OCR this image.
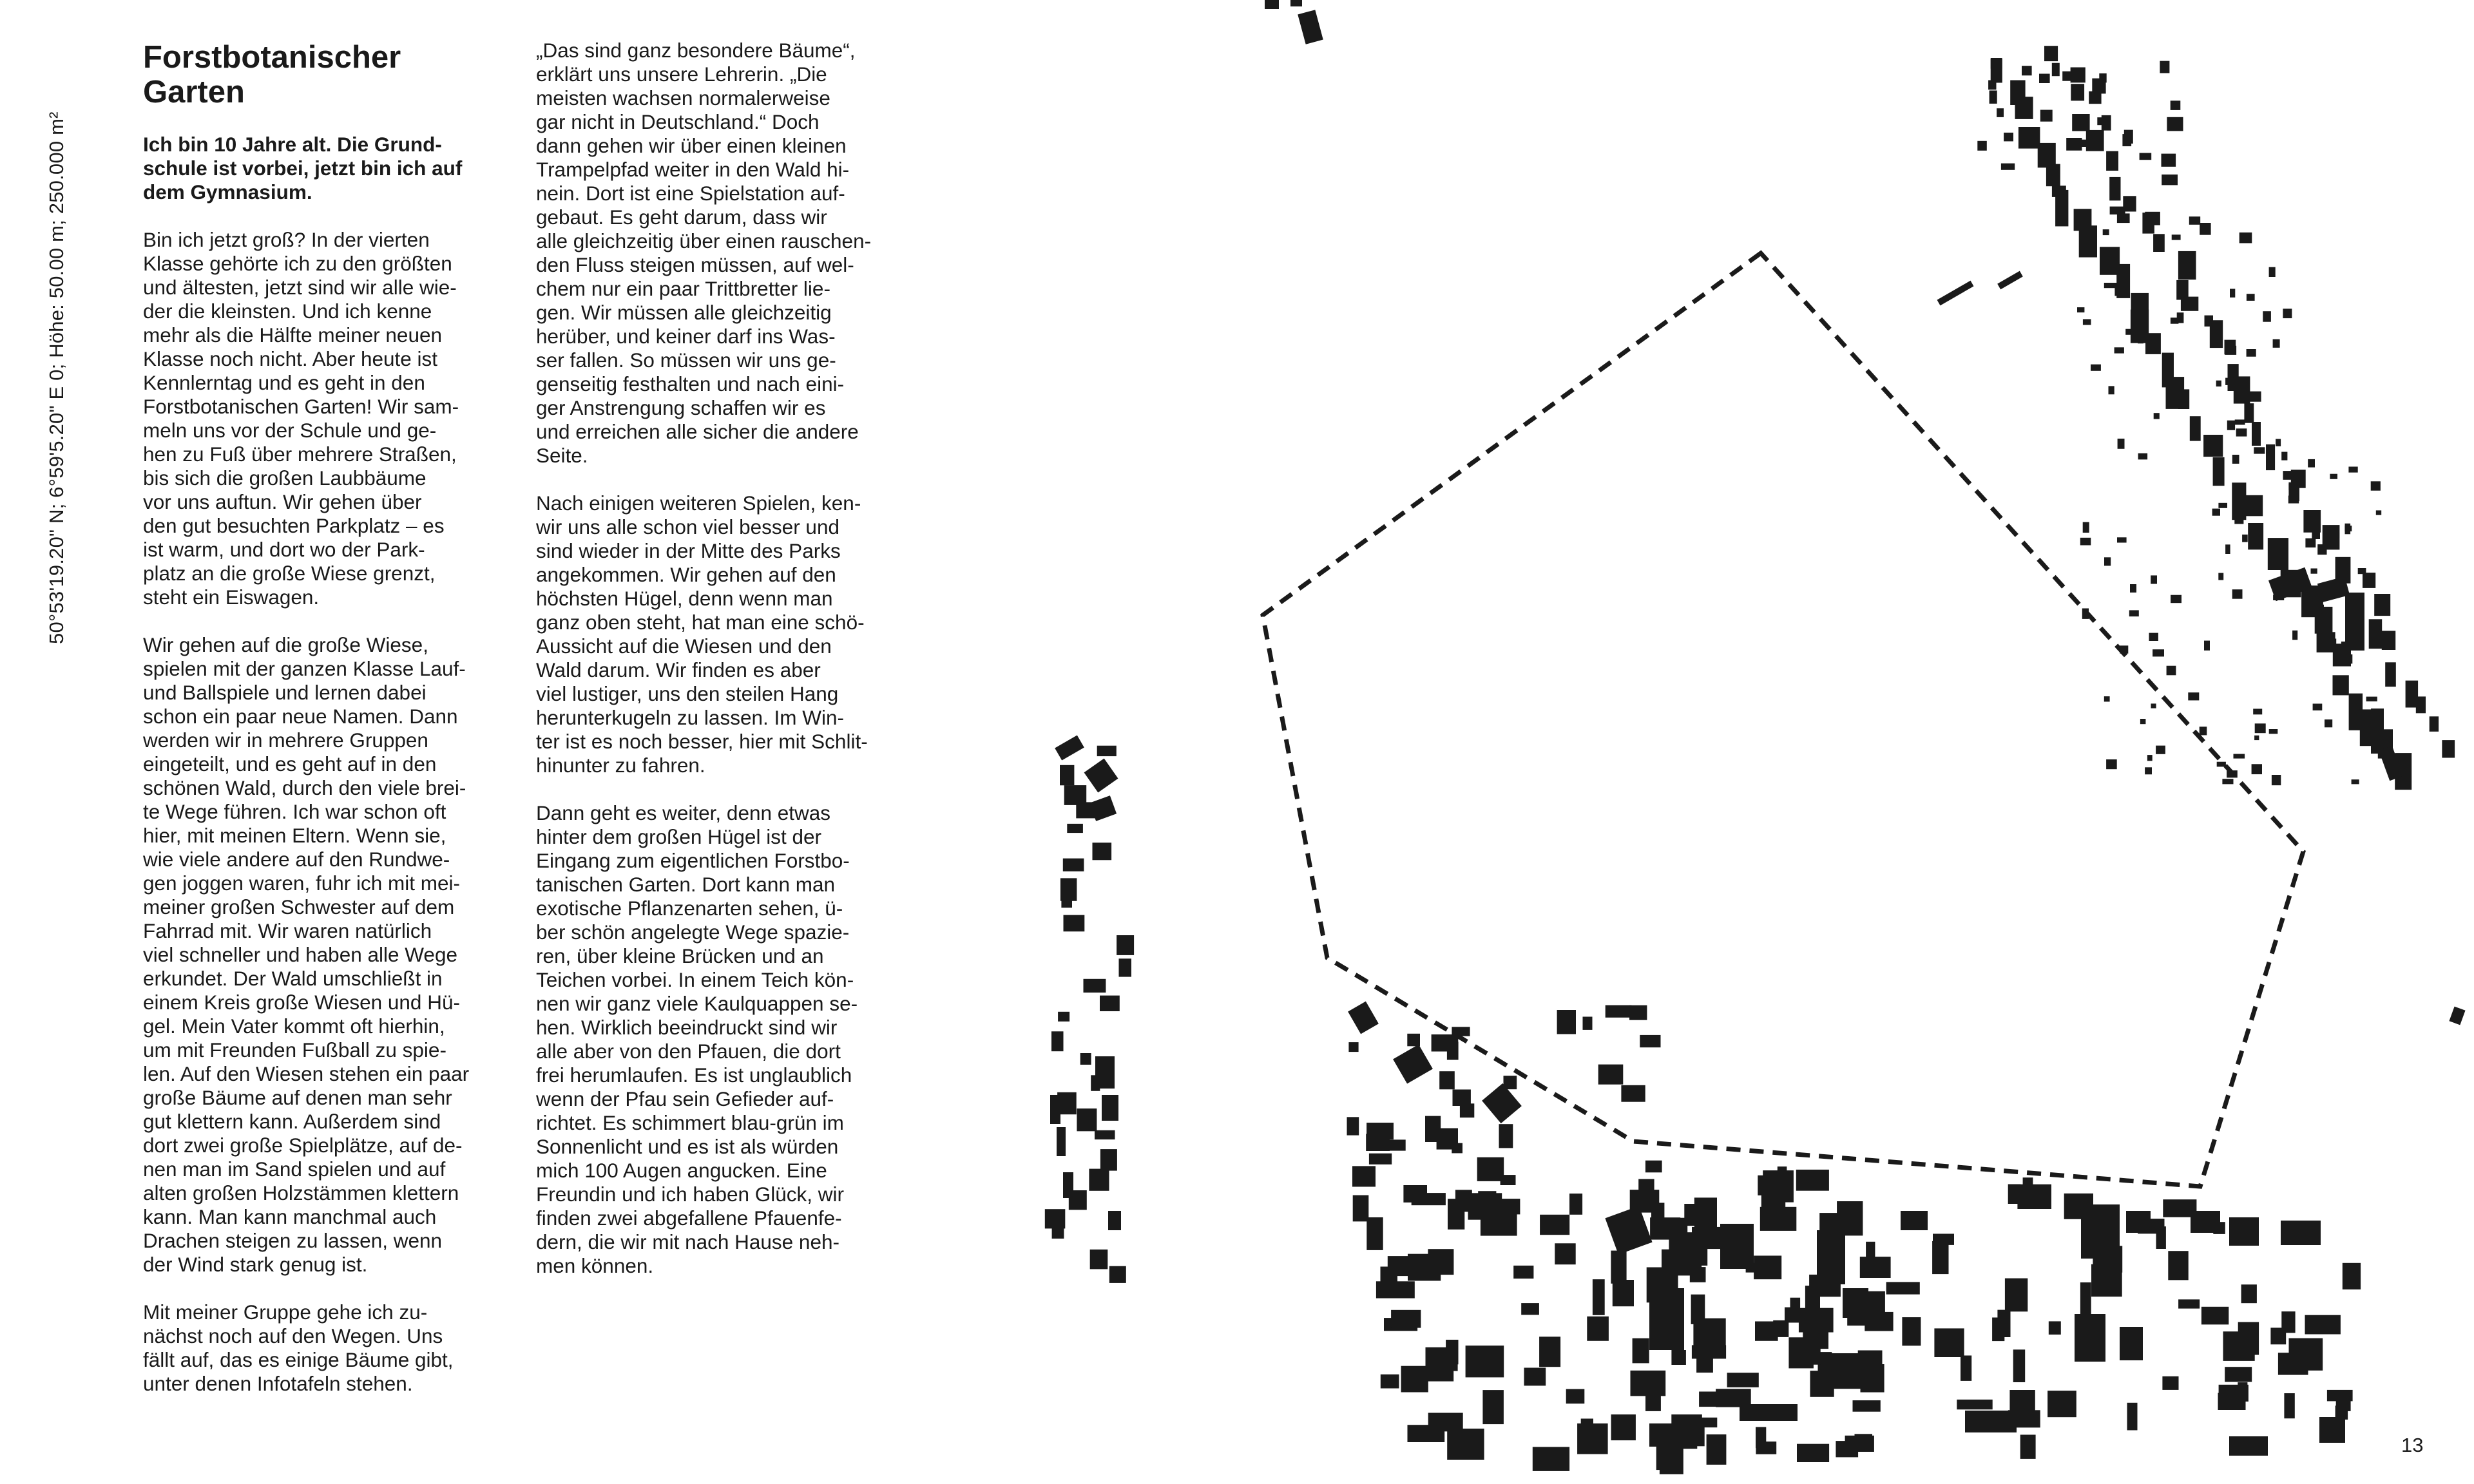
50°53'19.20" N; 6°59'5.20" E 0; Höhe: 50.00 m; 250.000 m²
Forstbotanischer
Garten

Ich bin 10 Jahre alt. Die Grund-
schule ist vorbei, jetzt bin ich auf
dem Gymnasium.

Bin ich jetzt groß? In der vierten
Klasse gehörte ich zu den größten
und ältesten, jetzt sind wir alle wie-
der die kleinsten. Und ich kenne
mehr als die Hälfte meiner neuen
Klasse noch nicht. Aber heute ist
Kennlerntag und es geht in den
Forstbotanischen Garten! Wir sam-
meln uns vor der Schule und ge-
hen zu Fuß über mehrere Straßen,
bis sich die großen Laubbäume
vor uns auftun. Wir gehen über
den gut besuchten Parkplatz – es
ist warm, und dort wo der Park-
platz an die große Wiese grenzt,
steht ein Eiswagen.

Wir gehen auf die große Wiese,
spielen mit der ganzen Klasse Lauf-
und Ballspiele und lernen dabei
schon ein paar neue Namen. Dann
werden wir in mehrere Gruppen
eingeteilt, und es geht auf in den
schönen Wald, durch den viele brei-
te Wege führen. Ich war schon oft
hier, mit meinen Eltern. Wenn sie,
wie viele andere auf den Rundwe-
gen joggen waren, fuhr ich mit mei-
meiner großen Schwester auf dem
Fahrrad mit. Wir waren natürlich
viel schneller und haben alle Wege
erkundet. Der Wald umschließt in
einem Kreis große Wiesen und Hü-
gel. Mein Vater kommt oft hierhin,
um mit Freunden Fußball zu spie-
len. Auf den Wiesen stehen ein paar
große Bäume auf denen man sehr
gut klettern kann. Außerdem sind
dort zwei große Spielplätze, auf de-
nen man im Sand spielen und auf
alten großen Holzstämmen klettern
kann. Man kann manchmal auch
Drachen steigen zu lassen, wenn
der Wind stark genug ist.

Mit meiner Gruppe gehe ich zu-
nächst noch auf den Wegen. Uns
fällt auf, das es einige Bäume gibt,
unter denen Infotafeln stehen.

„Das sind ganz besondere Bäume“,
erklärt uns unsere Lehrerin. „Die
meisten wachsen normalerweise
gar nicht in Deutschland.“ Doch
dann gehen wir über einen kleinen
Trampelpfad weiter in den Wald hi-
nein. Dort ist eine Spielstation auf-
gebaut. Es geht darum, dass wir
alle gleichzeitig über einen rauschen-
den Fluss steigen müssen, auf wel-
chem nur ein paar Trittbretter lie-
gen. Wir müssen alle gleichzeitig
herüber, und keiner darf ins Was-
ser fallen. So müssen wir uns ge-
genseitig festhalten und nach eini-
ger Anstrengung schaffen wir es
und erreichen alle sicher die andere
Seite.

Nach einigen weiteren Spielen, ken-
wir uns alle schon viel besser und
sind wieder in der Mitte des Parks
angekommen. Wir gehen auf den
höchsten Hügel, denn wenn man
ganz oben steht, hat man eine schö-
Aussicht auf die Wiesen und den
Wald darum. Wir finden es aber
viel lustiger, uns den steilen Hang
herunterkugeln zu lassen. Im Win-
ter ist es noch besser, hier mit Schlit-
hinunter zu fahren.

Dann geht es weiter, denn etwas
hinter dem großen Hügel ist der
Eingang zum eigentlichen Forstbo-
tanischen Garten. Dort kann man
exotische Pflanzenarten sehen, ü-
ber schön angelegte Wege spazie-
ren, über kleine Brücken und an
Teichen vorbei. In einem Teich kön-
nen wir ganz viele Kaulquappen se-
hen. Wirklich beeindruckt sind wir
alle aber von den Pfauen, die dort
frei herumlaufen. Es ist unglaublich
wenn der Pfau sein Gefieder auf-
richtet. Es schimmert blau-grün im
Sonnenlicht und es ist als würden
mich 100 Augen angucken. Eine
Freundin und ich haben Glück, wir
finden zwei abgefallene Pfauenfe-
dern, die wir mit nach Hause neh-
men können.

13
